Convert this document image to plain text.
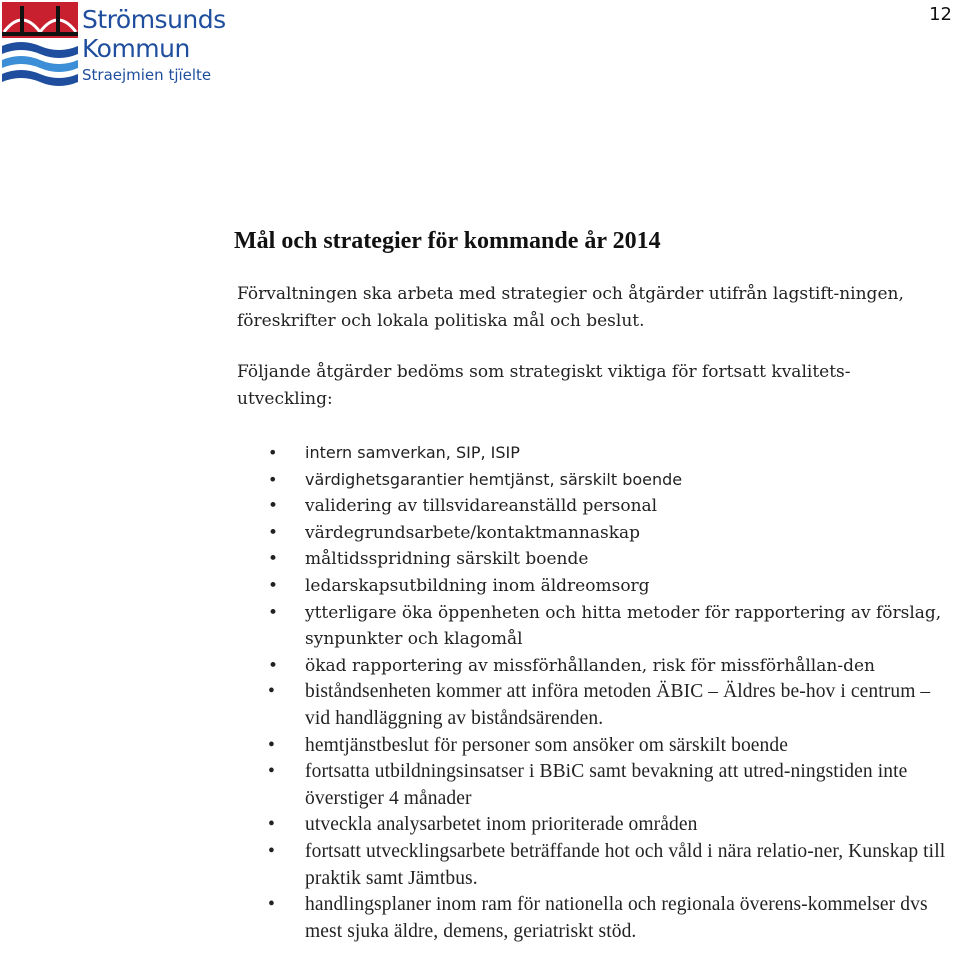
Strömsunds
Kommun
Straejmien tjïelte
12
Mål och strategier för kommande år 2014

Förvaltningen ska arbeta med strategier och åtgärder utifrån lagstift-ningen, föreskrifter och lokala politiska mål och beslut.

Följande åtgärder bedöms som strategiskt viktiga för fortsatt kvalitets-utveckling:

• intern samverkan, SIP, ISIP
• värdighetsgarantier hemtjänst, särskilt boende
• validering av tillsvidareanställd personal
• värdegrundsarbete/kontaktmannaskap
• måltidsspridning särskilt boende
• ledarskapsutbildning inom äldreomsorg
• ytterligare öka öppenheten och hitta metoder för rapportering av förslag, synpunkter och klagomål
• ökad rapportering av missförhållanden, risk för missförhållan-den
• biståndsenheten kommer att införa metoden ÄBIC – Äldres be-hov i centrum – vid handläggning av biståndsärenden.
• hemtjänstbeslut för personer som ansöker om särskilt boende
• fortsatta utbildningsinsatser i BBiC samt bevakning att utred-ningstiden inte överstiger 4 månader
• utveckla analysarbetet inom prioriterade områden
• fortsatt utvecklingsarbete beträffande hot och våld i nära relatio-ner, Kunskap till praktik samt Jämtbus.
• handlingsplaner inom ram för nationella och regionala överens-kommelser dvs mest sjuka äldre, demens, geriatriskt stöd.
